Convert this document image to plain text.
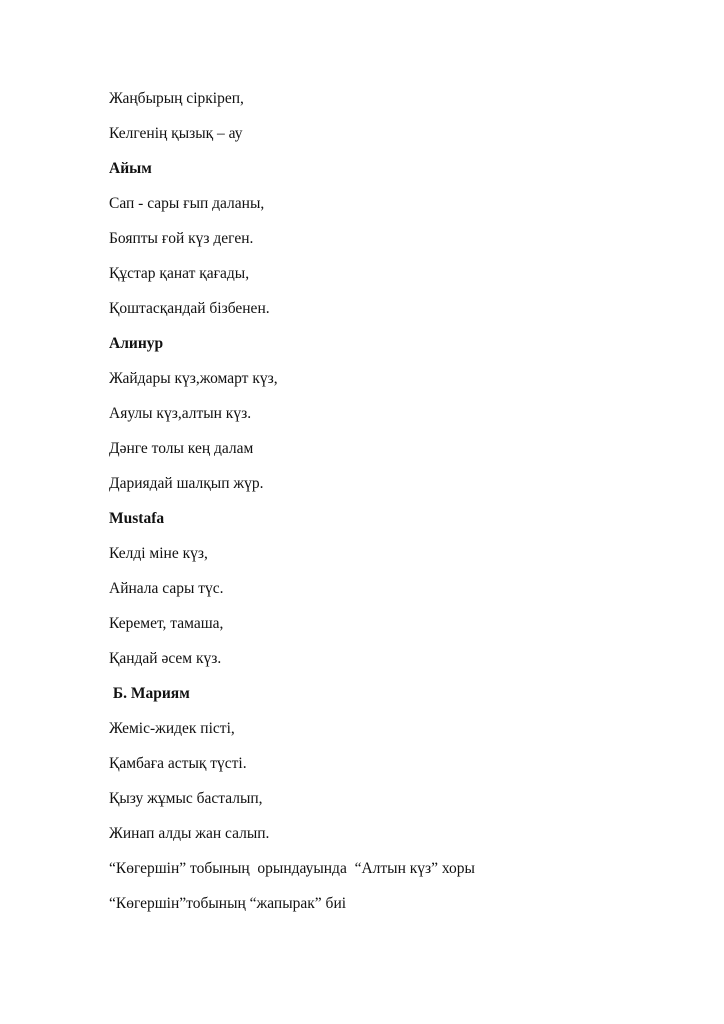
Жаңбырың сіркіреп,
Келгенің қызық – ау
Айым
Сап - сары ғып даланы,
Бояпты ғой күз деген.
Құстар қанат қағады,
Қоштасқандай бізбенен.
Алинур
Жайдары күз,жомарт күз,
Аяулы күз,алтын күз.
Дәнге толы кең далам
Дариядай шалқып жүр.
Mustafa
Келді міне күз,
Айнала сары түс.
Керемет, тамаша,
Қандай әсем күз.
Б. Мариям
Жеміс-жидек пісті,
Қамбаға астық түсті.
Қызу жұмыс басталып,
Жинап алды жан салып.
“Көгершін” тобының  орындауында  “Алтын күз” хоры
“Көгершін”тобының “жапырак” биі
